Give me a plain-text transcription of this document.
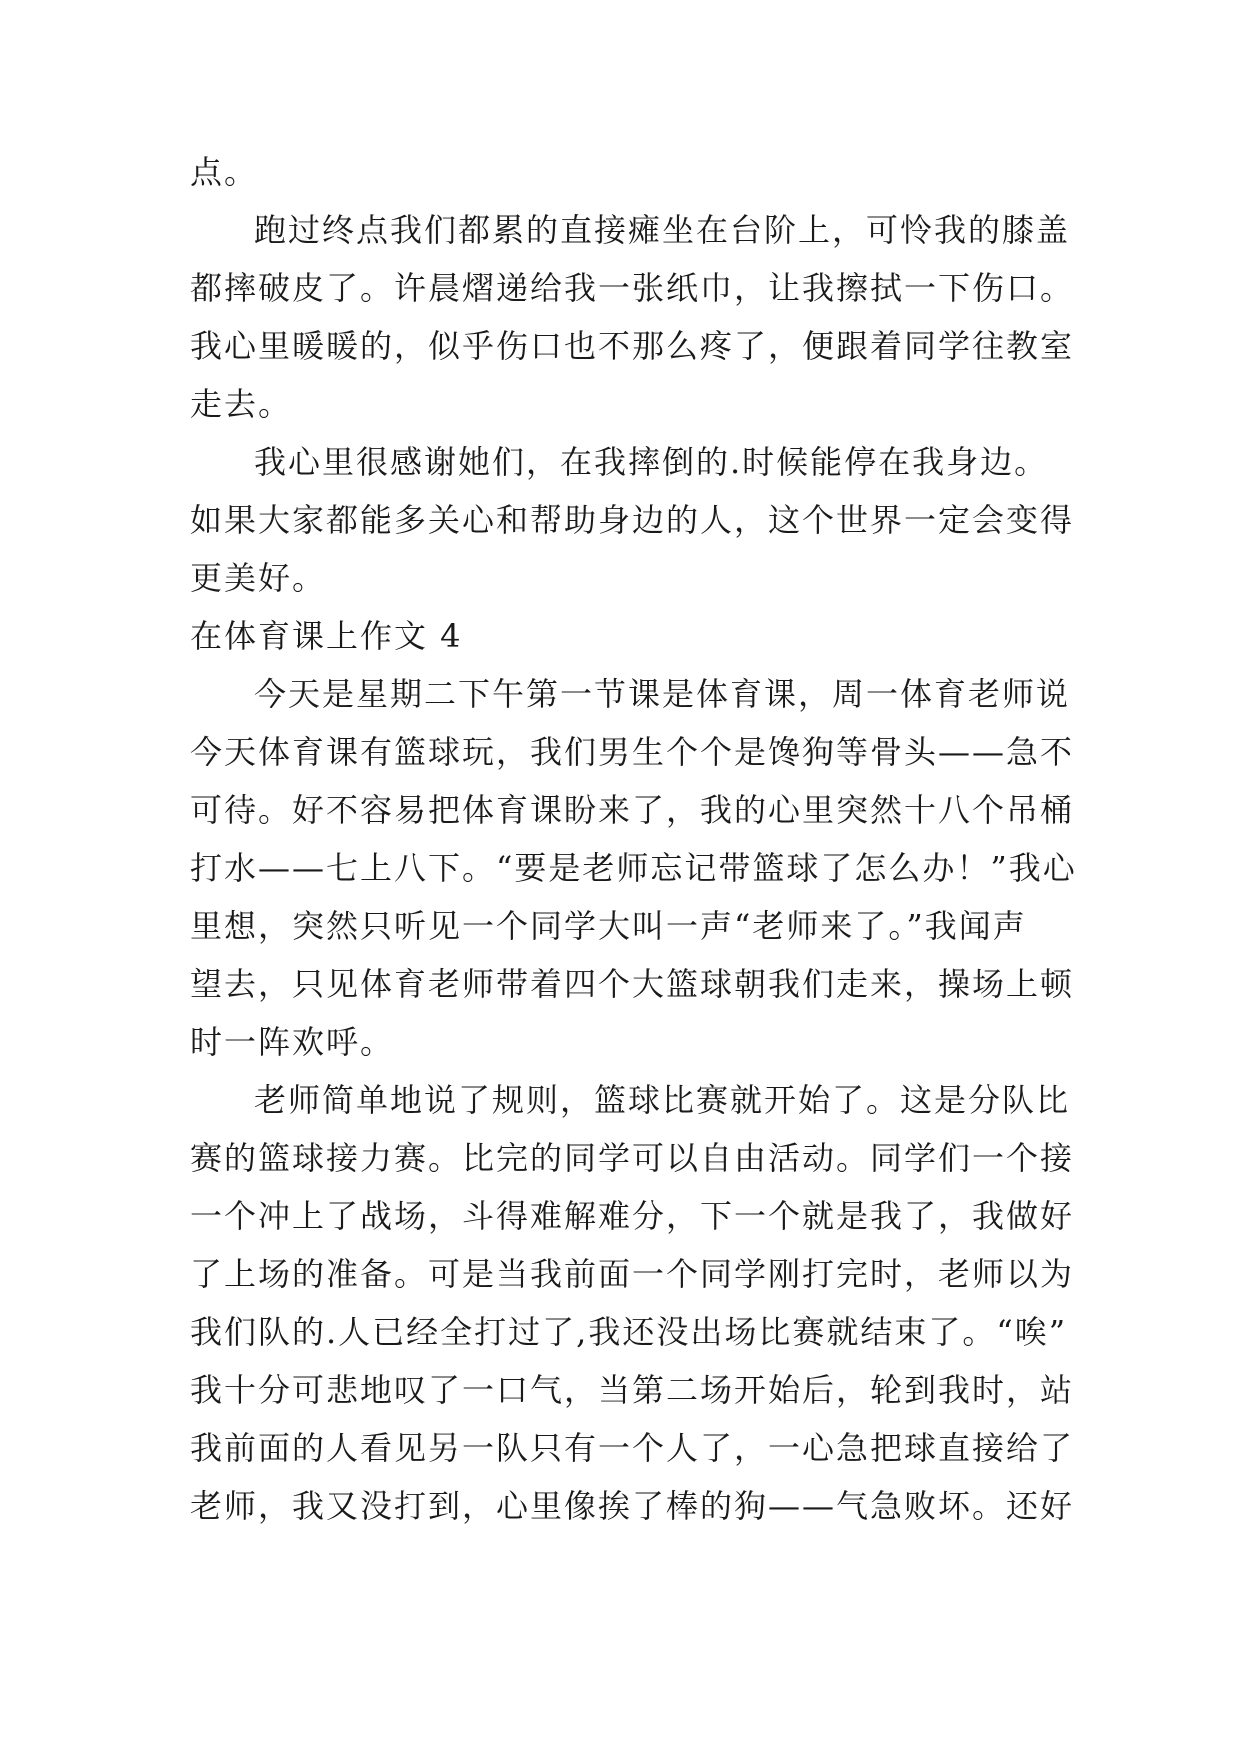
点。
跑过终点我们都累的直接瘫坐在台阶上，可怜我的膝盖
都摔破皮了。许晨熠递给我一张纸巾，让我擦拭一下伤口。
我心里暖暖的，似乎伤口也不那么疼了，便跟着同学往教室
走去。
我心里很感谢她们，在我摔倒的.时候能停在我身边。
如果大家都能多关心和帮助身边的人，这个世界一定会变得
更美好。
在体育课上作文 4
今天是星期二下午第一节课是体育课，周一体育老师说
今天体育课有篮球玩，我们男生个个是馋狗等骨头——急不
可待。好不容易把体育课盼来了，我的心里突然十八个吊桶
打水——七上八下。“要是老师忘记带篮球了怎么办！”我心
里想，突然只听见一个同学大叫一声“老师来了。”我闻声
望去，只见体育老师带着四个大篮球朝我们走来，操场上顿
时一阵欢呼。
老师简单地说了规则，篮球比赛就开始了。这是分队比
赛的篮球接力赛。比完的同学可以自由活动。同学们一个接
一个冲上了战场，斗得难解难分，下一个就是我了，我做好
了上场的准备。可是当我前面一个同学刚打完时，老师以为
我们队的.人已经全打过了,我还没出场比赛就结束了。“唉”
我十分可悲地叹了一口气，当第二场开始后，轮到我时，站
我前面的人看见另一队只有一个人了，一心急把球直接给了
老师，我又没打到，心里像挨了棒的狗——气急败坏。还好
